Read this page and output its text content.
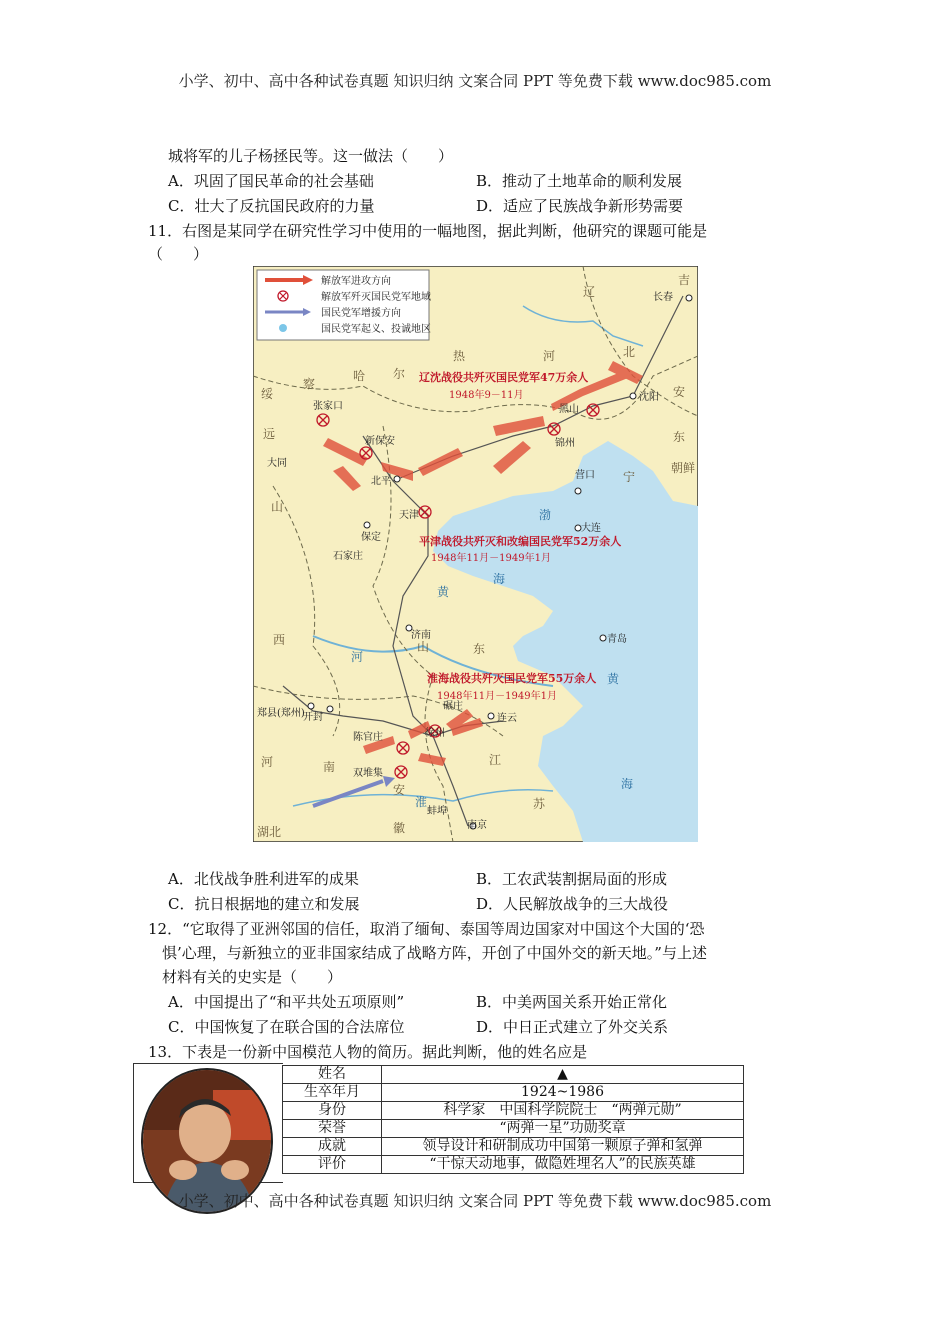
小学、初中、高中各种试卷真题 知识归纳 文案合同 PPT 等免费下载 www.doc985.com
城将军的儿子杨拯民等。这一做法（　　）
A．巩固了国民革命的社会基础	B．推动了土地革命的顺利发展
C．壮大了反抗国民政府的力量	D．适应了民族战争新形势需要
11．右图是某同学在研究性学习中使用的一幅地图，据此判断，他研究的课题可能是
（　　）
解放军进攻方向
解放军歼灭国民党军地域
国民党军增援方向
国民党军起义、投诚地区
辽沈战役共歼灭国民党军47万余人
1948年9－11月
平津战役共歼灭和改编国民党军52万余人
1948年11月－1949年1月
淮海战役共歼灭国民党军55万余人
1948年11月－1949年1月
长春
沈阳
锦州
黑山
营口
大连
张家口
新保安
大同
北平
天津
保定
石家庄
济南	青岛
郑县(郑州)
开封
徐州
碾庄
连云
陈官庄
双堆集
蚌埠
南京
吉
辽
热	河	北
安
东
察
哈 尔
绥
远
山
西
宁
朝鲜
渤
海
黄
山	东
河	南	江
苏
安
徽
湖北
海
黄
河
淮
A．北伐战争胜利进军的成果	B．工农武装割据局面的形成
C．抗日根据地的建立和发展	D．人民解放战争的三大战役
12．“它取得了亚洲邻国的信任，取消了缅甸、泰国等周边国家对中国这个大国的‘恐
惧’心理，与新独立的亚非国家结成了战略方阵，开创了中国外交的新天地。”与上述
材料有关的史实是（　　）
A．中国提出了“和平共处五项原则”	B．中美两国关系开始正常化
C．中国恢复了在联合国的合法席位	D．中日正式建立了外交关系
13．下表是一份新中国模范人物的简历。据此判断，他的姓名应是
姓名	▲
生卒年月	1924~1986
身份	科学家　中国科学院院士　“两弹元勋”
荣誉	“两弹一星”功勋奖章
成就	领导设计和研制成功中国第一颗原子弹和氢弹
评价	“干惊天动地事，做隐姓埋名人”的民族英雄
小学、初中、高中各种试卷真题 知识归纳 文案合同 PPT 等免费下载 www.doc985.com
